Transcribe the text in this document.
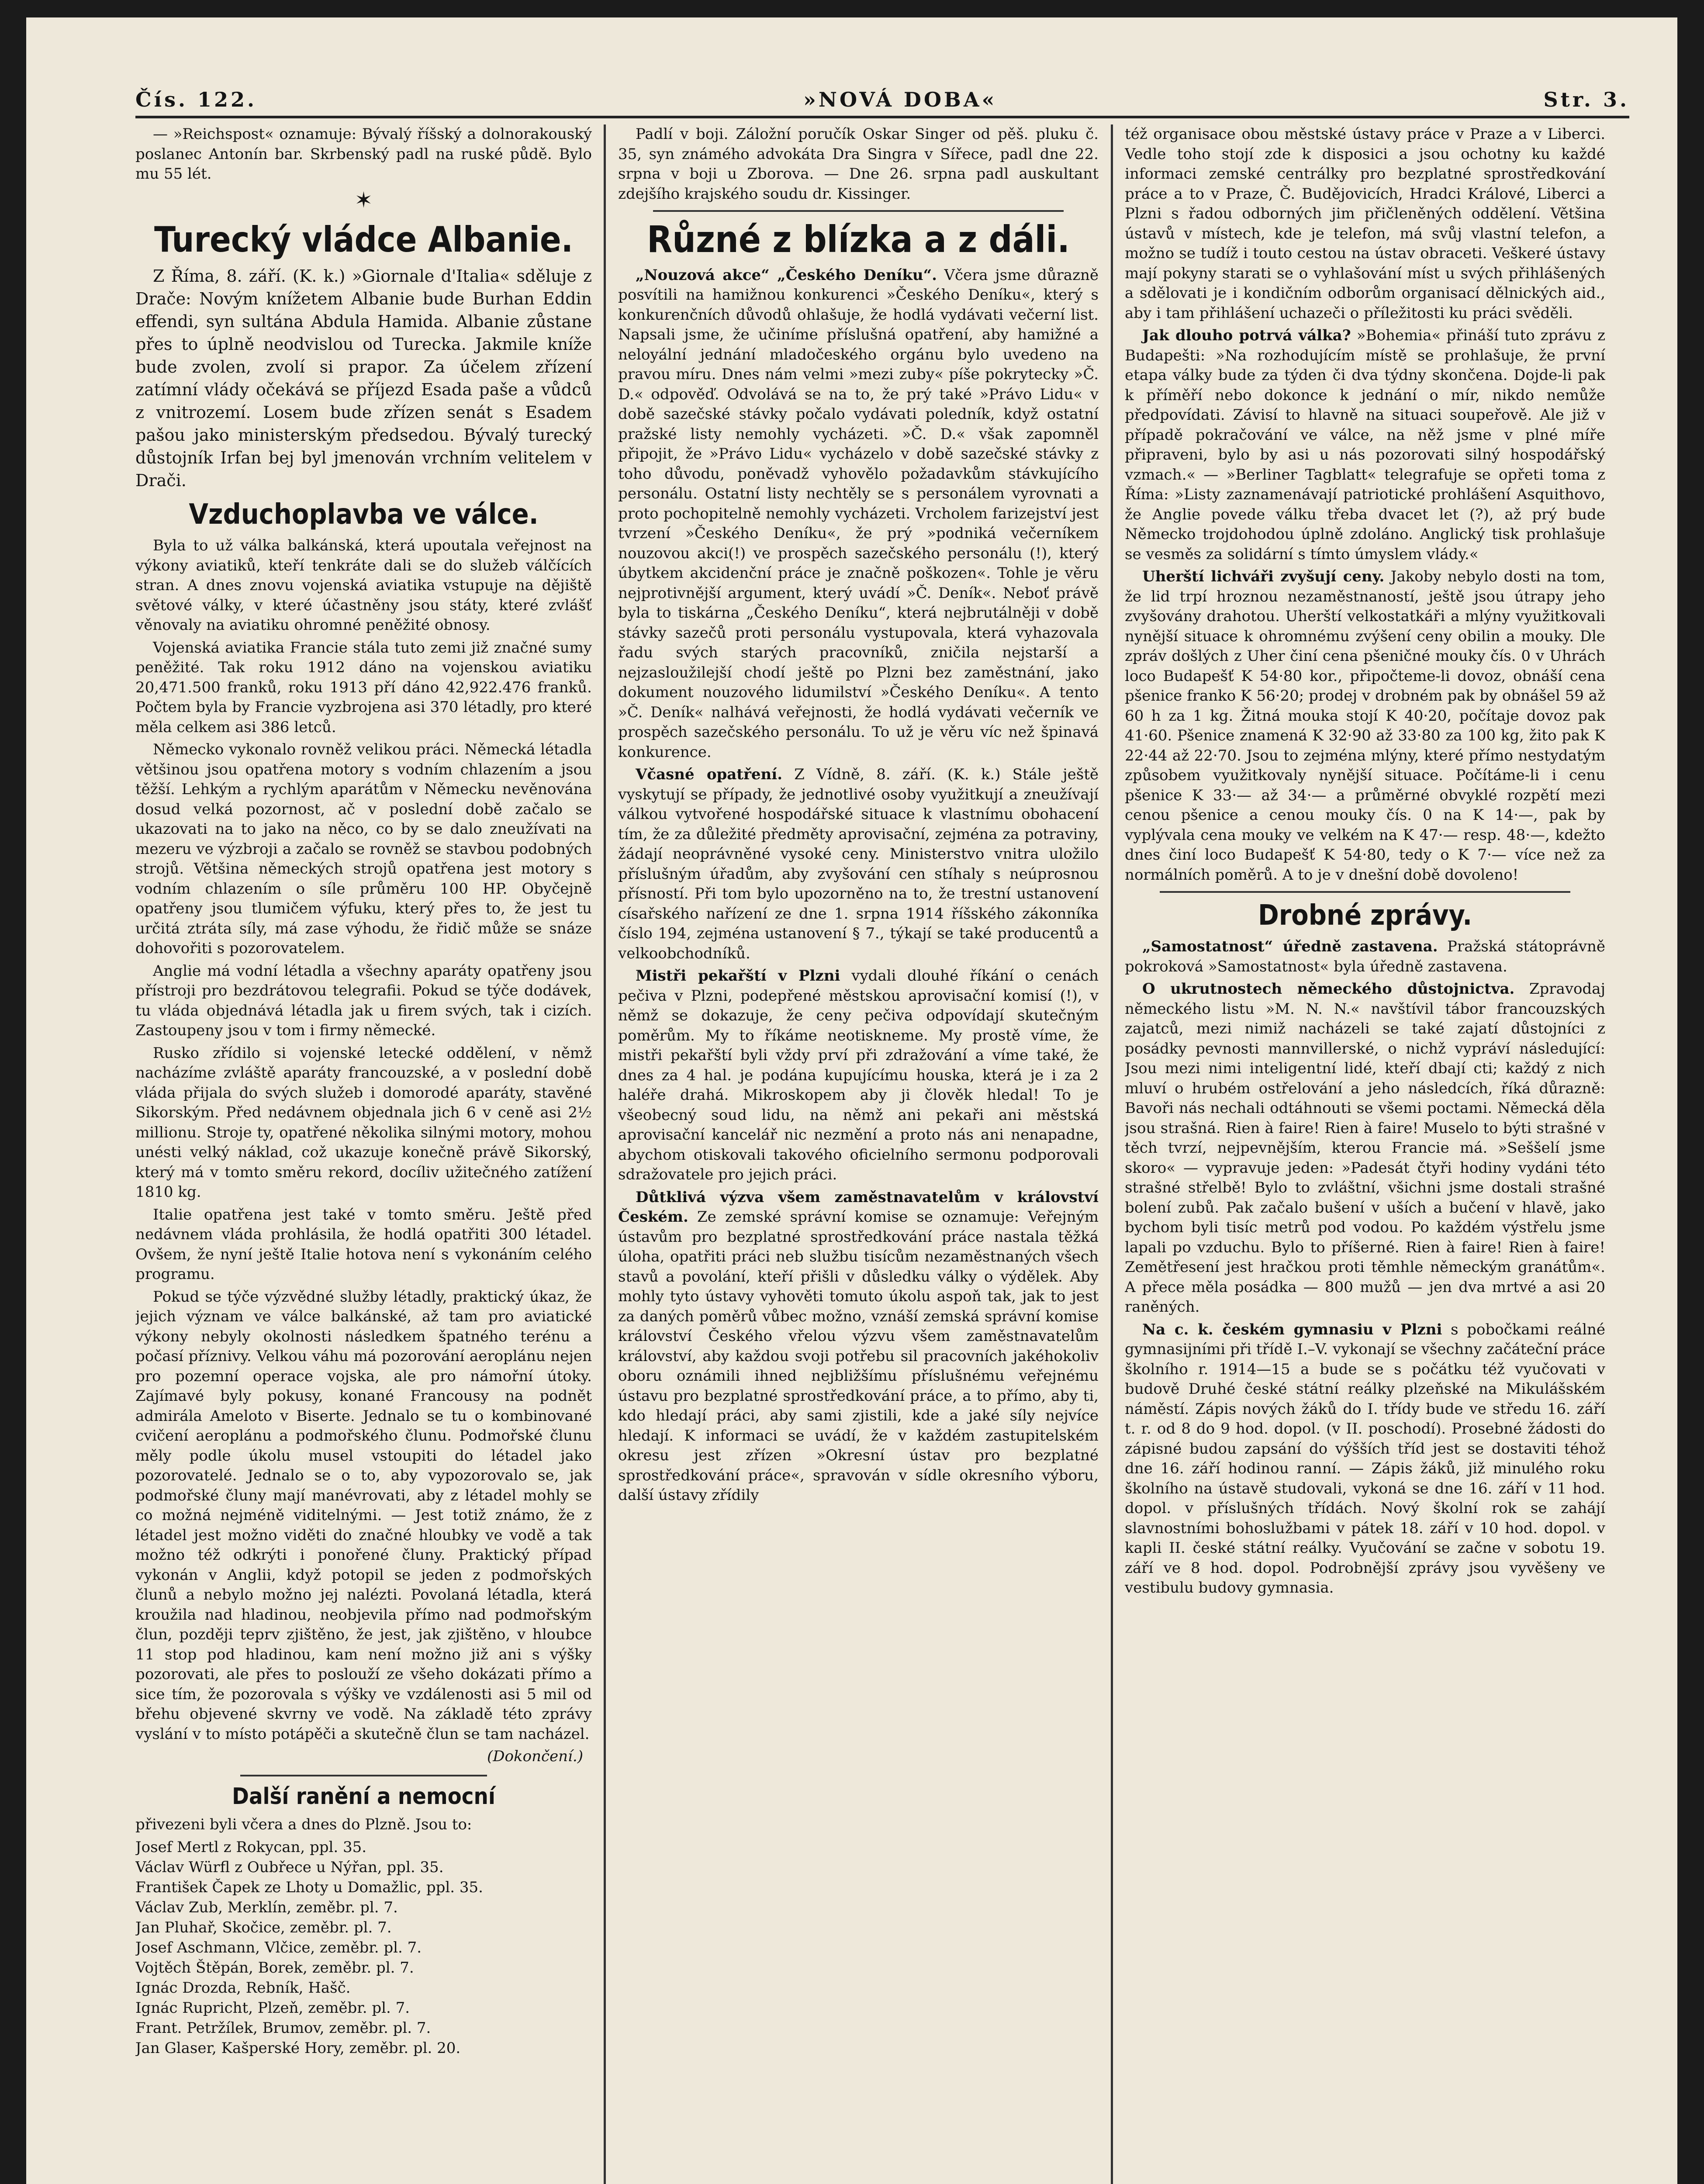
Čís. 122.	»NOVÁ DOBA«	Str. 3.

— »Reichspost« oznamuje: Bývalý říšský a dolnorakouský poslanec Antonín bar. Skrbenský padl na ruské půdě. Bylo mu 55 lét.

✶
Turecký vládce Albanie.

Z Říma, 8. září. (K. k.) »Giornale d'Italia« sděluje z Drače: Novým knížetem Albanie bude Burhan Eddin effendi, syn sultána Abdula Hamida. Albanie zůstane přes to úplně neodvislou od Turecka. Jakmile kníže bude zvolen, zvolí si prapor. Za účelem zřízení zatímní vlády očekává se příjezd Esada paše a vůdců z vnitrozemí. Losem bude zřízen senát s Esadem pašou jako ministerským předsedou. Bývalý turecký důstojník Irfan bej byl jmenován vrchním velitelem v Drači.

Vzduchoplavba ve válce.

Byla to už válka balkánská, která upoutala veřejnost na výkony aviatiků, kteří tenkráte dali se do služeb válčících stran. A dnes znovu vojenská aviatika vstupuje na dějiště světové války, v které účastněny jsou státy, které zvlášť věnovaly na aviatiku ohromné peněžité obnosy.

Vojenská aviatika Francie stála tuto zemi již značné sumy peněžité. Tak roku 1912 dáno na vojenskou aviatiku 20,471.500 franků, roku 1913 pří dáno 42,922.476 franků. Počtem byla by Francie vyzbrojena asi 370 létadly, pro které měla celkem asi 386 letců.

Německo vykonalo rovněž velikou práci. Německá létadla většinou jsou opatřena motory s vodním chlazením a jsou těžší. Lehkým a rychlým aparátům v Německu nevěnována dosud velká pozornost, ač v poslední době začalo se ukazovati na to jako na něco, co by se dalo zneužívati na mezeru ve výzbroji a začalo se rovněž se stavbou podobných strojů. Většina německých strojů opatřena jest motory s vodním chlazením o síle průměru 100 HP. Obyčejně opatřeny jsou tlumičem výfuku, který přes to, že jest tu určitá ztráta síly, má zase výhodu, že řidič může se snáze dohovořiti s pozorovatelem.

Anglie má vodní létadla a všechny aparáty opatřeny jsou přístroji pro bezdrátovou telegrafii. Pokud se týče dodávek, tu vláda objednává létadla jak u firem svých, tak i cizích. Zastoupeny jsou v tom i firmy německé.

Rusko zřídilo si vojenské letecké oddělení, v němž nacházíme zvláště aparáty francouzské, a v poslední době vláda přijala do svých služeb i domorodé aparáty, stavěné Sikorským. Před nedávnem objednala jich 6 v ceně asi 2½ millionu. Stroje ty, opatřené několika silnými motory, mohou unésti velký náklad, což ukazuje konečně právě Sikorský, který má v tomto směru rekord, docíliv užitečného zatížení 1810 kg.

Italie opatřena jest také v tomto směru. Ještě před nedávnem vláda prohlásila, že hodlá opatřiti 300 létadel. Ovšem, že nyní ještě Italie hotova není s vykonáním celého programu.

Pokud se týče výzvědné služby létadly, praktický úkaz, že jejich význam ve válce balkánské, až tam pro aviatické výkony nebyly okolnosti následkem špatného terénu a počasí příznivy. Velkou váhu má pozorování aeroplánu nejen pro pozemní operace vojska, ale pro námořní útoky. Zajímavé byly pokusy, konané Francousy na podnět admirála Ameloto v Biserte. Jednalo se tu o kombinované cvičení aeroplánu a podmořského člunu. Podmořské člunu měly podle úkolu musel vstoupiti do létadel jako pozorovatelé. Jednalo se o to, aby vypozorovalo se, jak podmořské čluny mají manévrovati, aby z létadel mohly se co možná nejméně viditelnými. — Jest totiž známo, že z létadel jest možno viděti do značné hloubky ve vodě a tak možno též odkrýti i ponořené čluny. Praktický případ vykonán v Anglii, když potopil se jeden z podmořských člunů a nebylo možno jej nalézti. Povolaná létadla, která kroužila nad hladinou, neobjevila přímo nad podmořským člun, později teprv zjištěno, že jest, jak zjištěno, v hloubce 11 stop pod hladinou, kam není možno již ani s výšky pozorovati, ale přes to poslouží ze všeho dokázati přímo a sice tím, že pozorovala s výšky ve vzdálenosti asi 5 mil od břehu objevené skvrny ve vodě. Na základě této zprávy vyslání v to místo potápěči a skutečně člun se tam nacházel.

(Dokončení.)
Další ranění a nemocní

přivezeni byli včera a dnes do Plzně. Jsou to:

Josef Mertl z Rokycan, ppl. 35.
Václav Würfl z Oubřece u Nýřan, ppl. 35.
František Čapek ze Lhoty u Domažlic, ppl. 35.
Václav Zub, Merklín, zeměbr. pl. 7.
Jan Pluhař, Skočice, zeměbr. pl. 7.
Josef Aschmann, Vlčice, zeměbr. pl. 7.
Vojtěch Štěpán, Borek, zeměbr. pl. 7.
Ignác Drozda, Rebník, Hašč.
Ignác Rupricht, Plzeň, zeměbr. pl. 7.
Frant. Petržílek, Brumov, zeměbr. pl. 7.
Jan Glaser, Kašperské Hory, zeměbr. pl. 20.

Padlí v boji. Záložní poručík Oskar Singer od pěš. pluku č. 35, syn známého advokáta Dra Singra v Sířece, padl dne 22. srpna v boji u Zborova. — Dne 26. srpna padl auskultant zdejšího krajského soudu dr. Kissinger.

Různé z blízka a z dáli.

„Nouzová akce“ „Českého Deníku“. Včera jsme důrazně posvítili na hamižnou konkurenci »Českého Deníku«, který s konkurenčních důvodů ohlašuje, že hodlá vydávati večerní list. Napsali jsme, že učiníme příslušná opatření, aby hamižné a neloyální jednání mladočeského orgánu bylo uvedeno na pravou míru. Dnes nám velmi »mezi zuby« píše pokrytecky »Č. D.« odpověď. Odvolává se na to, že prý také »Právo Lidu« v době sazečské stávky počalo vydávati poledník, když ostatní pražské listy nemohly vycházeti. »Č. D.« však zapomněl připojit, že »Právo Lidu« vycházelo v době sazečské stávky z toho důvodu, poněvadž vyhovělo požadavkům stávkujícího personálu. Ostatní listy nechtěly se s personálem vyrovnati a proto pochopitelně nemohly vycházeti. Vrcholem farizejství jest tvrzení »Českého Deníku«, že prý »podniká večerníkem nouzovou akci(!) ve prospěch sazečského personálu (!), který úbytkem akcidenční práce je značně poškozen«. Tohle je věru nejprotivnější argument, který uvádí »Č. Deník«. Neboť právě byla to tiskárna „Českého Deníku“, která nejbrutálněji v době stávky sazečů proti personálu vystupovala, která vyhazovala řadu svých starých pracovníků, zničila nejstarší a nejzasloužilejší chodí ještě po Plzni bez zaměstnání, jako dokument nouzového lidumilství »Českého Deníku«. A tento »Č. Deník« nalhává veřejnosti, že hodlá vydávati večerník ve prospěch sazečského personálu. To už je věru víc než špinavá konkurence.

Včasné opatření. Z Vídně, 8. září. (K. k.) Stále ještě vyskytují se případy, že jednotlivé osoby využitkují a zneužívají válkou vytvořené hospodářské situace k vlastnímu obohacení tím, že za důležité předměty aprovisační, zejména za potraviny, žádají neoprávněné vysoké ceny. Ministerstvo vnitra uložilo příslušným úřadům, aby zvyšování cen stíhaly s neúprosnou přísností. Při tom bylo upozorněno na to, že trestní ustanovení císařského nařízení ze dne 1. srpna 1914 říšského zákonníka číslo 194, zejména ustanovení § 7., týkají se také producentů a velkoobchodníků.

Mistři pekařští v Plzni vydali dlouhé říkání o cenách pečiva v Plzni, podepřené městskou aprovisační komisí (!), v němž se dokazuje, že ceny pečiva odpovídají skutečným poměrům. My to říkáme neotiskneme. My prostě víme, že mistři pekařští byli vždy prví při zdražování a víme také, že dnes za 4 hal. je podána kupujícímu houska, která je i za 2 haléře drahá. Mikroskopem aby ji člověk hledal! To je všeobecný soud lidu, na němž ani pekaři ani městská aprovisační kancelář nic nezmění a proto nás ani nenapadne, abychom otiskovali takového oficielního sermonu podporovali sdražovatele pro jejich práci.

Důtklivá výzva všem zaměstnavatelům v království Českém. Ze zemské správní komise se oznamuje: Veřejným ústavům pro bezplatné sprostředkování práce nastala těžká úloha, opatřiti práci neb službu tisícům nezaměstnaných všech stavů a povolání, kteří přišli v důsledku války o výdělek. Aby mohly tyto ústavy vyhověti tomuto úkolu aspoň tak, jak to jest za daných poměrů vůbec možno, vznáší zemská správní komise království Českého vřelou výzvu všem zaměstnavatelům království, aby každou svoji potřebu sil pracovních jakéhokoliv oboru oznámili ihned nejbližšímu příslušnému veřejnému ústavu pro bezplatné sprostředkování práce, a to přímo, aby ti, kdo hledají práci, aby sami zjistili, kde a jaké síly nejvíce hledají. K informaci se uvádí, že v každém zastupitelském okresu jest zřízen »Okresní ústav pro bezplatné sprostředkování práce«, spravován v sídle okresního výboru, další ústavy zřídily

též organisace obou městské ústavy práce v Praze a v Liberci. Vedle toho stojí zde k disposici a jsou ochotny ku každé informaci zemské centrálky pro bezplatné sprostředkování práce a to v Praze, Č. Budějovicích, Hradci Králové, Liberci a Plzni s řadou odborných jim přičleněných oddělení. Většina ústavů v místech, kde je telefon, má svůj vlastní telefon, a možno se tudíž i touto cestou na ústav obraceti. Veškeré ústavy mají pokyny starati se o vyhlašování míst u svých přihlášených a sdělovati je i kondičním odborům organisací dělnických aid., aby i tam přihlášení uchazeči o příležitosti ku práci svěděli.

Jak dlouho potrvá válka? »Bohemia« přináší tuto zprávu z Budapešti: »Na rozhodujícím místě se prohlašuje, že první etapa války bude za týden či dva týdny skončena. Dojde-li pak k příměří nebo dokonce k jednání o mír, nikdo nemůže předpovídati. Závisí to hlavně na situaci soupeřově. Ale již v případě pokračování ve válce, na něž jsme v plné míře připraveni, bylo by asi u nás pozorovati silný hospodářský vzmach.« — »Berliner Tagblatt« telegrafuje se opřeti toma z Říma: »Listy zaznamenávají patriotické prohlášení Asquithovo, že Anglie povede válku třeba dvacet let (?), až prý bude Německo trojdohodou úplně zdoláno. Anglický tisk prohlašuje se vesměs za solidární s tímto úmyslem vlády.«

Uherští lichváři zvyšují ceny. Jakoby nebylo dosti na tom, že lid trpí hroznou nezaměstnaností, ještě jsou útrapy jeho zvyšovány drahotou. Uherští velkostatkáři a mlýny využitkovali nynější situace k ohromnému zvýšení ceny obilin a mouky. Dle zpráv došlých z Uher činí cena pšeničné mouky čís. 0 v Uhrách loco Budapešť K 54·80 kor., připočteme-li dovoz, obnáší cena pšenice franko K 56·20; prodej v drobném pak by obnášel 59 až 60 h za 1 kg. Žitná mouka stojí K 40·20, počítaje dovoz pak 41·60. Pšenice znamená K 32·90 až 33·80 za 100 kg, žito pak K 22·44 až 22·70. Jsou to zejména mlýny, které přímo nestydatým způsobem využitkovaly nynější situace. Počítáme-li i cenu pšenice K 33·— až 34·— a průměrné obvyklé rozpětí mezi cenou pšenice a cenou mouky čís. 0 na K 14·—, pak by vyplývala cena mouky ve velkém na K 47·— resp. 48·—, kdežto dnes činí loco Budapešť K 54·80, tedy o K 7·— více než za normálních poměrů. A to je v dnešní době dovoleno!

Drobné zprávy.

„Samostatnost“ úředně zastavena. Pražská státoprávně pokroková »Samostatnost« byla úředně zastavena.

O ukrutnostech německého důstojnictva. Zpravodaj německého listu »M. N. N.« navštívil tábor francouzských zajatců, mezi nimiž nacházeli se také zajatí důstojníci z posádky pevnosti mannvillerské, o nichž vypráví následující: Jsou mezi nimi inteligentní lidé, kteří dbají cti; každý z nich mluví o hrubém ostřelování a jeho následcích, říká důrazně: Bavoři nás nechali odtáhnouti se všemi poctami. Německá děla jsou strašná. Rien à faire! Rien à faire! Muselo to býti strašné v těch tvrzí, nejpevnějším, kterou Francie má. »Seššelí jsme skoro« — vypravuje jeden: »Padesát čtyři hodiny vydáni této strašné střelbě! Bylo to zvláštní, všichni jsme dostali strašné bolení zubů. Pak začalo bušení v uších a bučení v hlavě, jako bychom byli tisíc metrů pod vodou. Po každém výstřelu jsme lapali po vzduchu. Bylo to příšerné. Rien à faire! Rien à faire! Zemětřesení jest hračkou proti těmhle německým granátům«. A přece měla posádka — 800 mužů — jen dva mrtvé a asi 20 raněných.

Na c. k. českém gymnasiu v Plzni s pobočkami reálné gymnasijními při třídě I.–V. vykonají se všechny začáteční práce školního r. 1914—15 a bude se s počátku též vyučovati v budově Druhé české státní reálky plzeňské na Mikulášském náměstí. Zápis nových žáků do I. třídy bude ve středu 16. září t. r. od 8 do 9 hod. dopol. (v II. poschodí). Prosebné žádosti do zápisné budou zapsání do výšších tříd jest se dostaviti téhož dne 16. září hodinou ranní. — Zápis žáků, již minulého roku školního na ústavě studovali, vykoná se dne 16. září v 11 hod. dopol. v příslušných třídách. Nový školní rok se zahájí slavnostními bohoslužbami v pátek 18. září v 10 hod. dopol. v kapli II. české státní reálky. Vyučování se začne v sobotu 19. září ve 8 hod. dopol. Podrobnější zprávy jsou vyvěšeny ve vestibulu budovy gymnasia.
